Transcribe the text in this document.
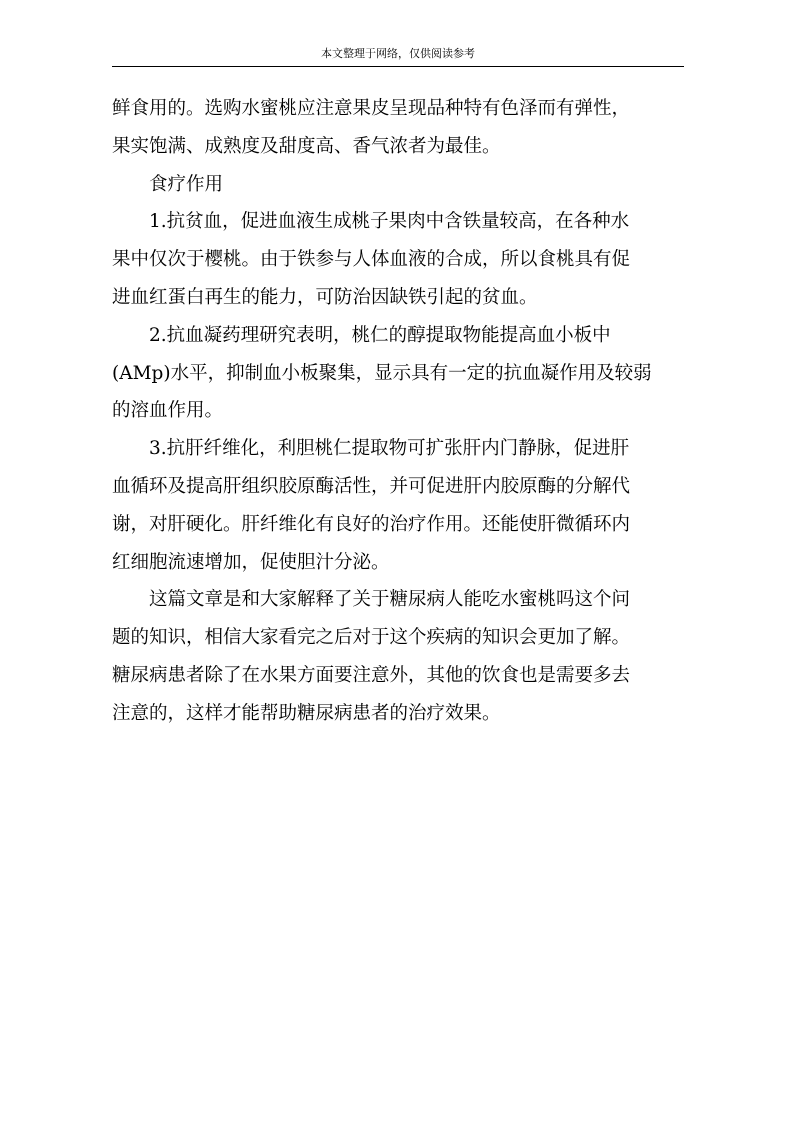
本文整理于网络，仅供阅读参考
鲜食用的。选购水蜜桃应注意果皮呈现品种特有色泽而有弹性，
果实饱满、成熟度及甜度高、香气浓者为最佳。
食疗作用
1.抗贫血，促进血液生成桃子果肉中含铁量较高，在各种水
果中仅次于樱桃。由于铁参与人体血液的合成，所以食桃具有促
进血红蛋白再生的能力，可防治因缺铁引起的贫血。
2.抗血凝药理研究表明，桃仁的醇提取物能提高血小板中
(AMp)水平，抑制血小板聚集，显示具有一定的抗血凝作用及较弱
的溶血作用。
3.抗肝纤维化，利胆桃仁提取物可扩张肝内门静脉，促进肝
血循环及提高肝组织胶原酶活性，并可促进肝内胶原酶的分解代
谢，对肝硬化。肝纤维化有良好的治疗作用。还能使肝微循环内
红细胞流速增加，促使胆汁分泌。
这篇文章是和大家解释了关于糖尿病人能吃水蜜桃吗这个问
题的知识，相信大家看完之后对于这个疾病的知识会更加了解。
糖尿病患者除了在水果方面要注意外，其他的饮食也是需要多去
注意的，这样才能帮助糖尿病患者的治疗效果。
